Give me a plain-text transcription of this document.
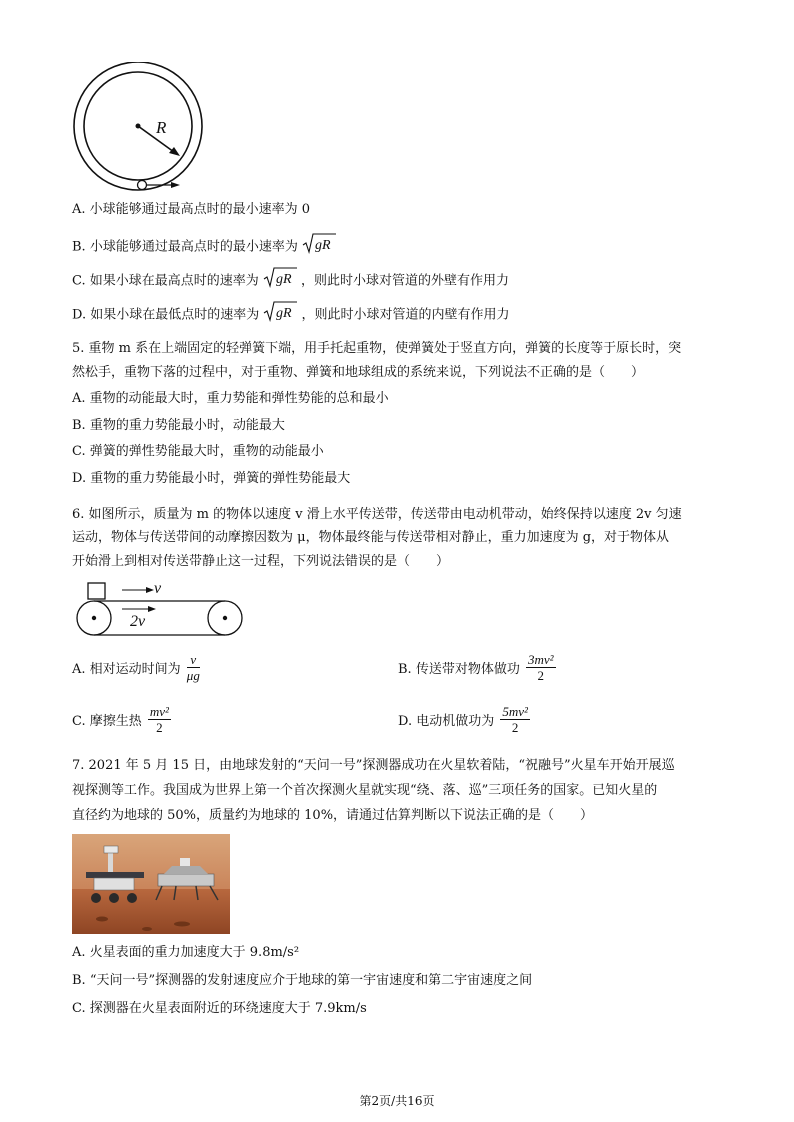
R
A. 小球能够通过最高点时的最小速率为 0
B. 小球能够通过最高点时的最小速率为 gR
C. 如果小球在最高点时的速率为 gR ，则此时小球对管道的外壁有作用力
D. 如果小球在最低点时的速率为 gR ，则此时小球对管道的内壁有作用力
5. 重物 m 系在上端固定的轻弹簧下端，用手托起重物，使弹簧处于竖直方向，弹簧的长度等于原长时，突
然松手，重物下落的过程中，对于重物、弹簧和地球组成的系统来说，下列说法不正确的是（　　）
A. 重物的动能最大时，重力势能和弹性势能的总和最小
B. 重物的重力势能最小时，动能最大
C. 弹簧的弹性势能最大时，重物的动能最小
D. 重物的重力势能最小时，弹簧的弹性势能最大
6. 如图所示，质量为 m 的物体以速度 v 滑上水平传送带，传送带由电动机带动，始终保持以速度 2v 匀速
运动，物体与传送带间的动摩擦因数为 μ，物体最终能与传送带相对静止，重力加速度为 g，对于物体从
开始滑上到相对传送带静止这一过程，下列说法错误的是（　　）
v
2v
A. 相对运动时间为 $\frac{v}{\mu g}$	B. 传送带对物体做功 $\frac{\text{3mv²}}{2}$
C. 摩擦生热 $\frac{\text{mv²}}{2}$	D. 电动机做功为 $\frac{\text{5mv²}}{2}$
7. 2021 年 5 月 15 日，由地球发射的“天问一号”探测器成功在火星软着陆，“祝融号”火星车开始开展巡
视探测等工作。我国成为世界上第一个首次探测火星就实现“绕、落、巡”三项任务的国家。已知火星的
直径约为地球的 50%，质量约为地球的 10%，请通过估算判断以下说法正确的是（　　）
A. 火星表面的重力加速度大于 9.8m/s²
B. “天问一号”探测器的发射速度应介于地球的第一宇宙速度和第二宇宙速度之间
C. 探测器在火星表面附近的环绕速度大于 7.9km/s
第2页/共16页
